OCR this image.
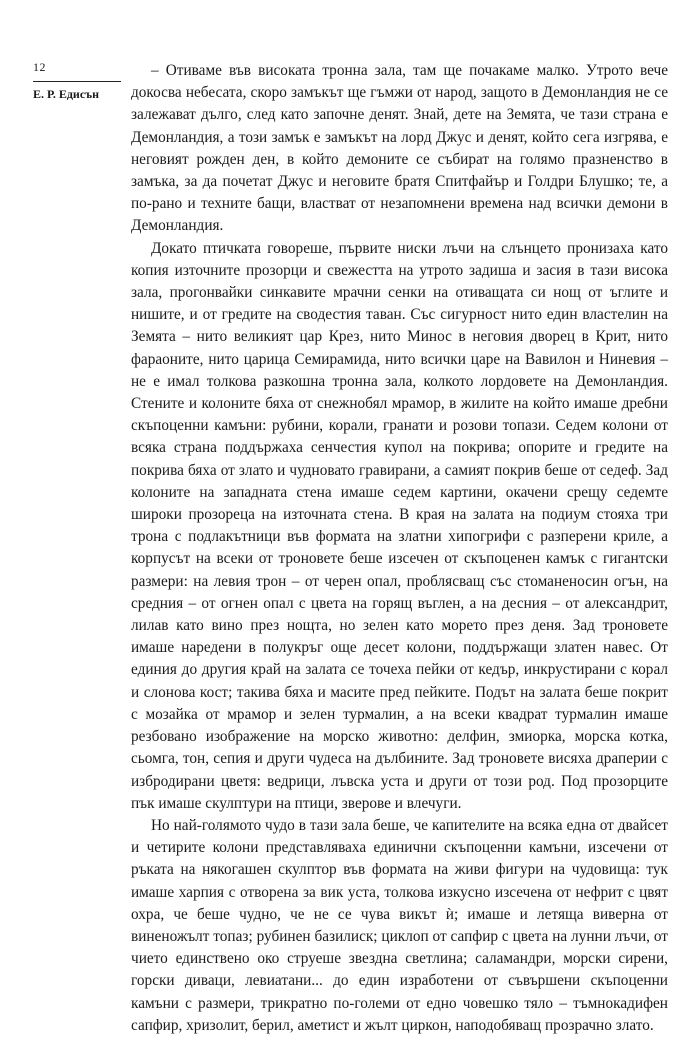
12
Е. Р. Едисън

– Отиваме във високата тронна зала, там ще почакаме малко. Утрото вече докосва небесата, скоро замъкът ще гъмжи от народ, защото в Демонландия не се залежават дълго, след като започне денят. Знай, дете на Земята, че тази страна е Демонландия, а този замък е замъкът на лорд Джус и денят, който сега изгрява, е неговият рожден ден, в който демоните се събират на голямо празненство в замъка, за да почетат Джус и неговите братя Спитфайър и Голдри Блушко; те, а по-рано и техните бащи, властват от незапомнени времена над всички демони в Демонландия.

Докато птичката говореше, първите ниски лъчи на слънцето пронизаха като копия източните прозорци и свежестта на утрото задиша и засия в тази висока зала, прогонвайки синкавите мрачни сенки на отиващата си нощ от ъглите и нишите, и от гредите на сводестия таван. Със сигурност нито един властелин на Земята – нито великият цар Крез, нито Минос в неговия дворец в Крит, нито фараоните, нито царица Семирамида, нито всички царе на Вавилон и Ниневия – не е имал толкова разкошна тронна зала, колкото лордовете на Демонландия. Стените и колоните бяха от снежнобял мрамор, в жилите на който имаше дребни скъпоценни камъни: рубини, корали, гранати и розови топази. Седем колони от всяка страна поддържаха сенчестия купол на покрива; опорите и гредите на покрива бяха от злато и чудновато гравирани, а самият покрив беше от седеф. Зад колоните на западната стена имаше седем картини, окачени срещу седемте широки прозореца на източната стена. В края на залата на подиум стояха три трона с подлакътници във формата на златни хипогрифи с разперени криле, а корпусът на всеки от троновете беше изсечен от скъпоценен камък с гигантски размери: на левия трон – от черен опал, проблясващ със стоманеносин огън, на средния – от огнен опал с цвета на горящ въглен, а на десния – от александрит, лилав като вино през нощта, но зелен като морето през деня. Зад троновете имаше наредени в полукръг още десет колони, поддържащи златен навес. От единия до другия край на залата се точеха пейки от кедър, инкрустирани с корал и слонова кост; такива бяха и масите пред пейките. Подът на залата беше покрит с мозайка от мрамор и зелен турмалин, а на всеки квадрат турмалин имаше резбовано изображение на морско животно: делфин, змиорка, морска котка, сьомга, тон, сепия и други чудеса на дълбините. Зад троновете висяха драперии с избродирани цветя: ведрици, лъвска уста и други от този род. Под прозорците пък имаше скулптури на птици, зверове и влечуги.

Но най-голямото чудо в тази зала беше, че капителите на всяка една от двайсет и четирите колони представляваха единични скъпоценни камъни, изсечени от ръката на някогашен скулптор във формата на живи фигури на чудовища: тук имаше харпия с отворена за вик уста, толкова изкусно изсечена от нефрит с цвят охра, че беше чудно, че не се чува викът ѝ; имаше и летяща виверна от виненожълт топаз; рубинен базилиск; циклоп от сапфир с цвета на лунни лъчи, от чието единствено око струеше звездна светлина; саламандри, морски сирени, горски диваци, левиатани... до един изработени от съвършени скъпоценни камъни с размери, трикратно по-големи от едно човешко тяло – тъмнокадифен сапфир, хризолит, берил, аметист и жълт циркон, наподобяващ прозрачно злато.
